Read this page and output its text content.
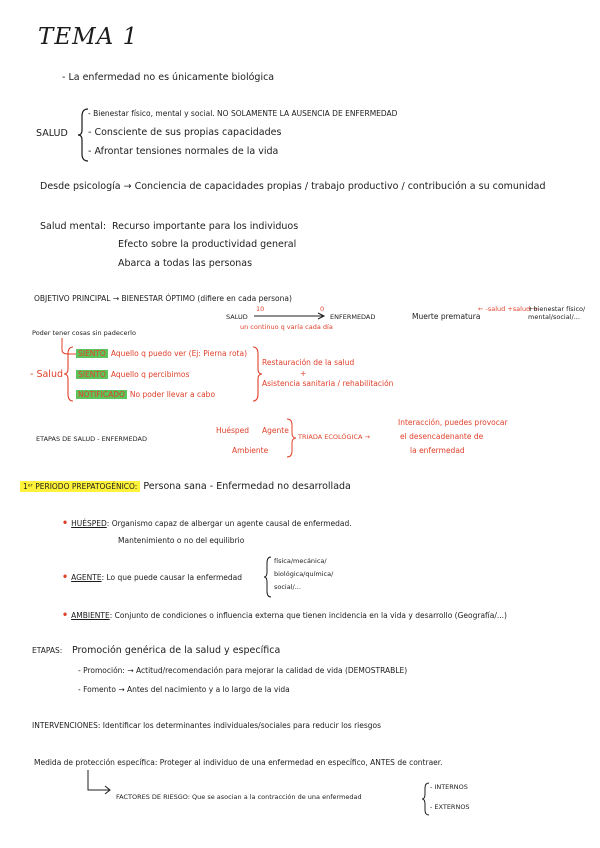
TEMA 1
- La enfermedad no es únicamente biológica
SALUD
- Bienestar físico, mental y social. NO SOLAMENTE LA AUSENCIA DE ENFERMEDAD
- Consciente de sus propias capacidades
- Afrontar tensiones normales de la vida
Desde psicología → Conciencia de capacidades propias / trabajo productivo / contribución a su comunidad
Salud mental: Recurso importante para los individuos
Efecto sobre la productividad general
Abarca a todas las personas
OBJETIVO PRINCIPAL → BIENESTAR ÓPTIMO (difiere en cada persona)
10	0
SALUD	ENFERMEDAD
un continuo q varía cada día
Muerte prematura
← -salud +salud →
+bienestar físico/ mental/social/...
Poder tener cosas sin padecerlo
- Salud
SIENTO Aquello q puedo ver (Ej: Pierna rota)
SIENTO Aquello q percibimos
NOTIFICADO No poder llevar a cabo
Restauración de la salud
+
Asistencia sanitaria / rehabilitación
ETAPAS DE SALUD - ENFERMEDAD
Huésped Agente
Ambiente
TRIADA ECOLÓGICA →
Interacción, puedes provocar
el desencadenante de
la enfermedad
1ᵉʳ PERIODO PREPATOGÉNICO: Persona sana - Enfermedad no desarrollada
• HUÉSPED: Organismo capaz de albergar un agente causal de enfermedad.
Mantenimiento o no del equilibrio
• AGENTE: Lo que puede causar la enfermedad
física/mecánica/
biológica/química/
social/...
• AMBIENTE: Conjunto de condiciones o influencia externa que tienen incidencia en la vida y desarrollo (Geografía/...)
ETAPAS: Promoción genérica de la salud y específica
- Promoción: → Actitud/recomendación para mejorar la calidad de vida (DEMOSTRABLE)
- Fomento → Antes del nacimiento y a lo largo de la vida
INTERVENCIONES: Identificar los determinantes individuales/sociales para reducir los riesgos
Medida de protección específica: Proteger al individuo de una enfermedad en específico, ANTES de contraer.
FACTORES DE RIESGO: Que se asocian a la contracción de una enfermedad
- INTERNOS
- EXTERNOS
